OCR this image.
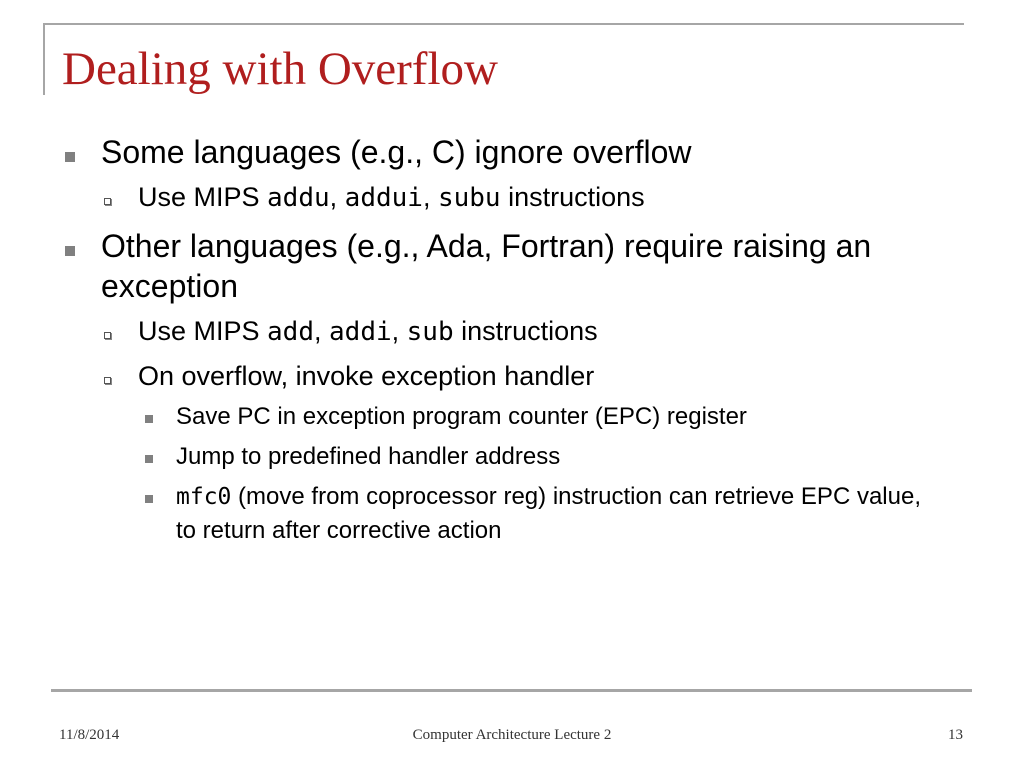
Dealing with Overflow
Some languages (e.g., C) ignore overflow
Use MIPS addu, addui, subu instructions
Other languages (e.g., Ada, Fortran) require raising an exception
Use MIPS add, addi, sub instructions
On overflow, invoke exception handler
Save PC in exception program counter (EPC) register
Jump to predefined handler address
mfc0 (move from coprocessor reg) instruction can retrieve EPC value, to return after corrective action
11/8/2014	Computer Architecture Lecture 2	13
